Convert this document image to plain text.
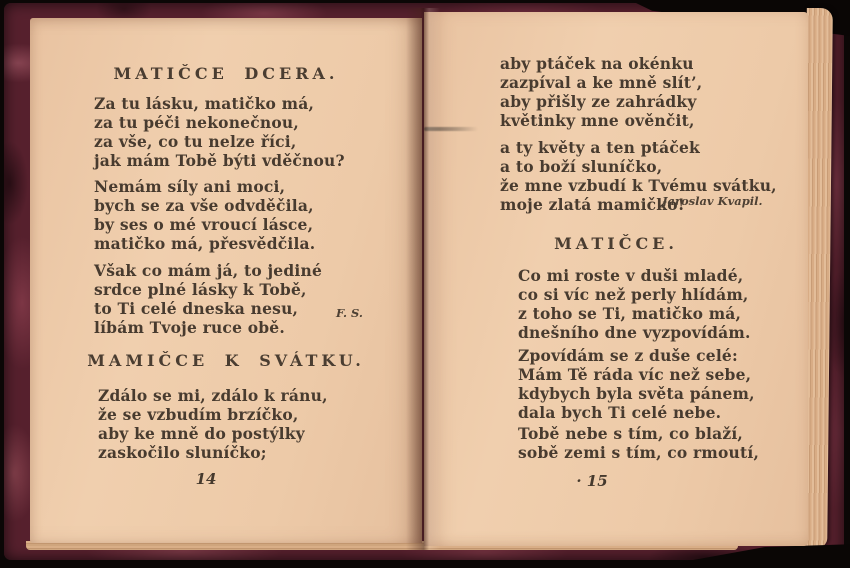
MATIČCE DCERA.
Za tu lásku, matičko má,
za tu péči nekonečnou,
za vše, co tu nelze říci,
jak mám Tobě býti vděčnou?
Nemám síly ani moci,
bych se za vše odvděčila,
by ses o mé vroucí lásce,
matičko má, přesvědčila.
Však co mám já, to jediné
srdce plné lásky k Tobě,
to Ti celé dneska nesu,
líbám Tvoje ruce obě.
F. S.
MAMIČCE K SVÁTKU.
Zdálo se mi, zdálo k ránu,
že se vzbudím brzíčko,
aby ke mně do postýlky
zaskočilo sluníčko;
14
aby ptáček na okénku
zazpíval a ke mně slít’,
aby přišly ze zahrádky
květinky mne ověnčit,
a ty květy a ten ptáček
a to boží sluníčko,
že mne vzbudí k Tvému svátku,
moje zlatá mamičko!
Jaroslav Kvapil.
MATIČCE.
Co mi roste v duši mladé,
co si víc než perly hlídám,
z toho se Ti, matičko má,
dnešního dne vyzpovídám.
Zpovídám se z duše celé:
Mám Tě ráda víc než sebe,
kdybych byla světa pánem,
dala bych Ti celé nebe.
Tobě nebe s tím, co blaží,
sobě zemi s tím, co rmoutí,
· 15
